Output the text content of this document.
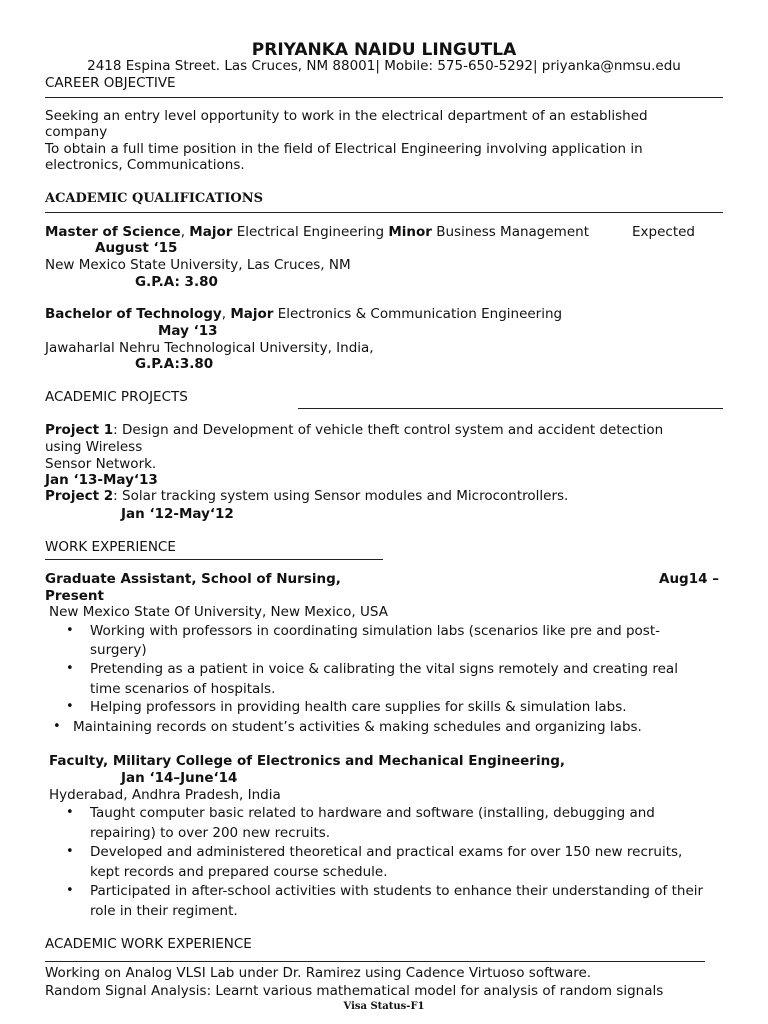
PRIYANKA NAIDU LINGUTLA
2418 Espina Street. Las Cruces, NM 88001| Mobile: 575-650-5292| priyanka@nmsu.edu
CAREER OBJECTIVE
Seeking an entry level opportunity to work in the electrical department of an established
company
To obtain a full time position in the field of Electrical Engineering involving application in
electronics, Communications.
ACADEMIC QUALIFICATIONS
Master of Science, Major Electrical Engineering Minor Business Management	Expected
August ‘15
New Mexico State University, Las Cruces, NM
G.P.A: 3.80
Bachelor of Technology, Major Electronics & Communication Engineering
May ‘13
Jawaharlal Nehru Technological University, India,
G.P.A:3.80
ACADEMIC PROJECTS
Project 1: Design and Development of vehicle theft control system and accident detection
using Wireless
Sensor Network.
Jan ‘13-May‘13
Project 2: Solar tracking system using Sensor modules and Microcontrollers.
Jan ‘12-May‘12
WORK EXPERIENCE
Graduate Assistant, School of Nursing,	Aug14 –
Present
New Mexico State Of University, New Mexico, USA
• Working with professors in coordinating simulation labs (scenarios like pre and post-
surgery)
• Pretending as a patient in voice & calibrating the vital signs remotely and creating real
time scenarios of hospitals.
• Helping professors in providing health care supplies for skills & simulation labs.
• Maintaining records on student’s activities & making schedules and organizing labs.
Faculty, Military College of Electronics and Mechanical Engineering,
Jan ‘14–June‘14
Hyderabad, Andhra Pradesh, India
• Taught computer basic related to hardware and software (installing, debugging and
repairing) to over 200 new recruits.
• Developed and administered theoretical and practical exams for over 150 new recruits,
kept records and prepared course schedule.
• Participated in after-school activities with students to enhance their understanding of their
role in their regiment.
ACADEMIC WORK EXPERIENCE
Working on Analog VLSI Lab under Dr. Ramirez using Cadence Virtuoso software.
Random Signal Analysis: Learnt various mathematical model for analysis of random signals
Visa Status-F1
